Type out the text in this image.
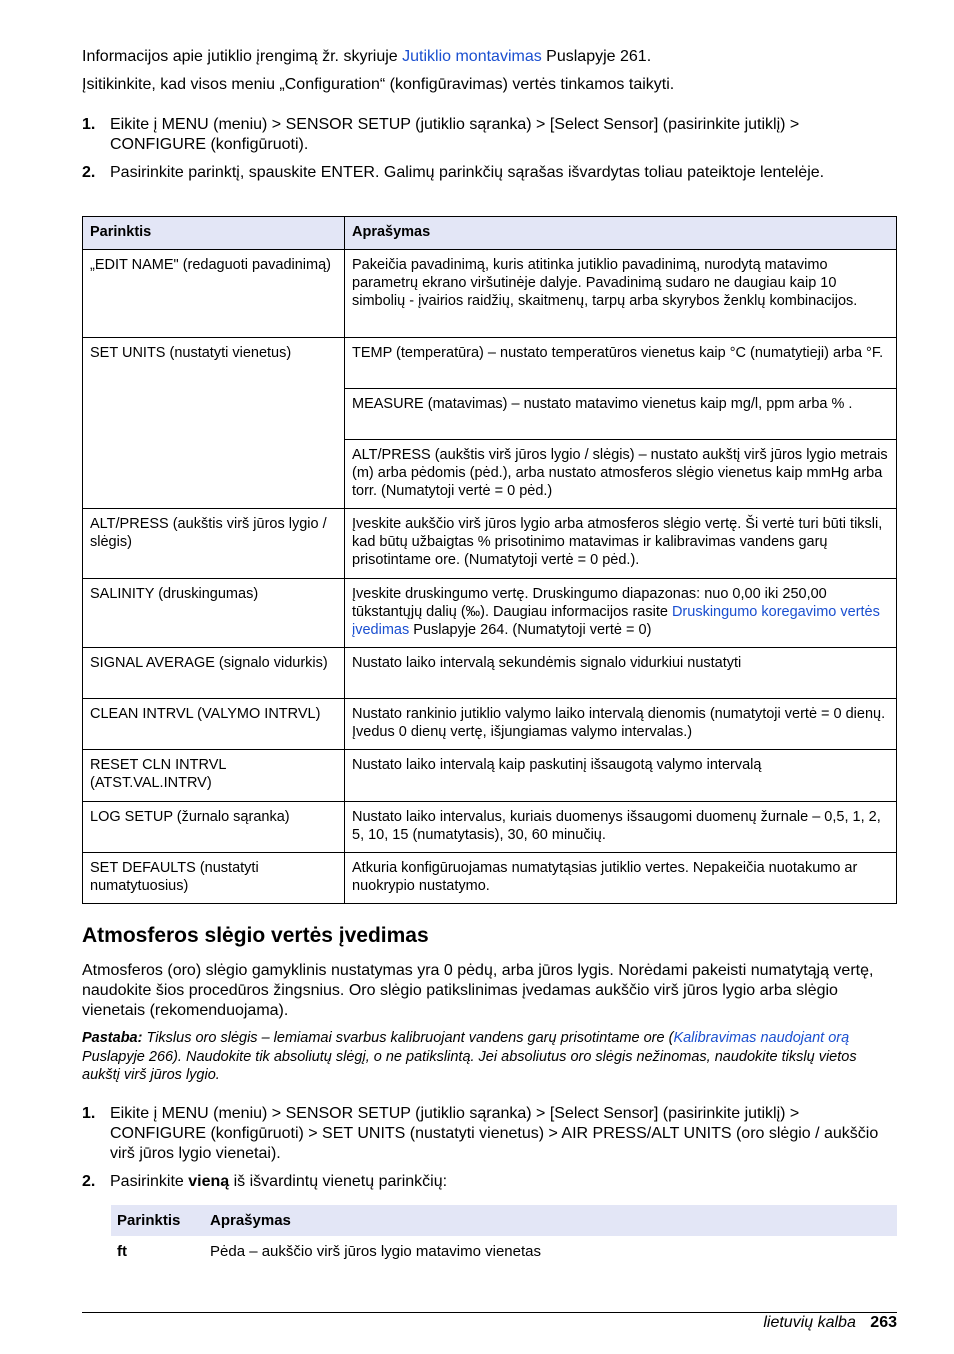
Informacijos apie jutiklio įrengimą žr. skyriuje Jutiklio montavimas Puslapyje 261.
Įsitikinkite, kad visos meniu „Configuration“ (konfigūravimas) vertės tinkamos taikyti.
1. Eikite į MENU (meniu) > SENSOR SETUP (jutiklio sąranka) > [Select Sensor] (pasirinkite jutiklį) > CONFIGURE (konfigūruoti).
2. Pasirinkite parinktį, spauskite ENTER. Galimų parinkčių sąrašas išvardytas toliau pateiktoje lentelėje.
Parinktis	Aprašymas
„EDIT NAME" (redaguoti pavadinimą)	Pakeičia pavadinimą, kuris atitinka jutiklio pavadinimą, nurodytą matavimo parametrų ekrano viršutinėje dalyje. Pavadinimą sudaro ne daugiau kaip 10 simbolių - įvairios raidžių, skaitmenų, tarpų arba skyrybos ženklų kombinacijos.
SET UNITS (nustatyti vienetus)	TEMP (temperatūra) – nustato temperatūros vienetus kaip °C (numatytieji) arba °F.
	MEASURE (matavimas) – nustato matavimo vienetus kaip mg/l, ppm arba % .
	ALT/PRESS (aukštis virš jūros lygio / slėgis) – nustato aukštį virš jūros lygio metrais (m) arba pėdomis (pėd.), arba nustato atmosferos slėgio vienetus kaip mmHg arba torr. (Numatytoji vertė = 0 pėd.)
ALT/PRESS (aukštis virš jūros lygio / slėgis)	Įveskite aukščio virš jūros lygio arba atmosferos slėgio vertę. Ši vertė turi būti tiksli, kad būtų užbaigtas % prisotinimo matavimas ir kalibravimas vandens garų prisotintame ore. (Numatytoji vertė = 0 pėd.).
SALINITY (druskingumas)	Įveskite druskingumo vertę. Druskingumo diapazonas: nuo 0,00 iki 250,00 tūkstantųjų dalių (‰). Daugiau informacijos rasite Druskingumo koregavimo vertės įvedimas Puslapyje 264. (Numatytoji vertė = 0)
SIGNAL AVERAGE (signalo vidurkis)	Nustato laiko intervalą sekundėmis signalo vidurkiui nustatyti
CLEAN INTRVL (VALYMO INTRVL)	Nustato rankinio jutiklio valymo laiko intervalą dienomis (numatytoji vertė = 0 dienų. Įvedus 0 dienų vertę, išjungiamas valymo intervalas.)
RESET CLN INTRVL (ATST.VAL.INTRV)	Nustato laiko intervalą kaip paskutinį išsaugotą valymo intervalą
LOG SETUP (žurnalo sąranka)	Nustato laiko intervalus, kuriais duomenys išsaugomi duomenų žurnale – 0,5, 1, 2, 5, 10, 15 (numatytasis), 30, 60 minučių.
SET DEFAULTS (nustatyti numatytuosius)	Atkuria konfigūruojamas numatytąsias jutiklio vertes. Nepakeičia nuotakumo ar nuokrypio nustatymo.
Atmosferos slėgio vertės įvedimas
Atmosferos (oro) slėgio gamyklinis nustatymas yra 0 pėdų, arba jūros lygis. Norėdami pakeisti numatytąją vertę, naudokite šios procedūros žingsnius. Oro slėgio patikslinimas įvedamas aukščio virš jūros lygio arba slėgio vienetais (rekomenduojama).
Pastaba: Tikslus oro slėgis – lemiamai svarbus kalibruojant vandens garų prisotintame ore (Kalibravimas naudojant orą Puslapyje 266). Naudokite tik absoliutų slėgį, o ne patikslintą. Jei absoliutus oro slėgis nežinomas, naudokite tikslų vietos aukštį virš jūros lygio.
1. Eikite į MENU (meniu) > SENSOR SETUP (jutiklio sąranka) > [Select Sensor] (pasirinkite jutiklį) > CONFIGURE (konfigūruoti) > SET UNITS (nustatyti vienetus) > AIR PRESS/ALT UNITS (oro slėgio / aukščio virš jūros lygio vienetai).
2. Pasirinkite vieną iš išvardintų vienetų parinkčių:
Parinktis	Aprašymas
ft	Pėda – aukščio virš jūros lygio matavimo vienetas
lietuvių kalba 263
